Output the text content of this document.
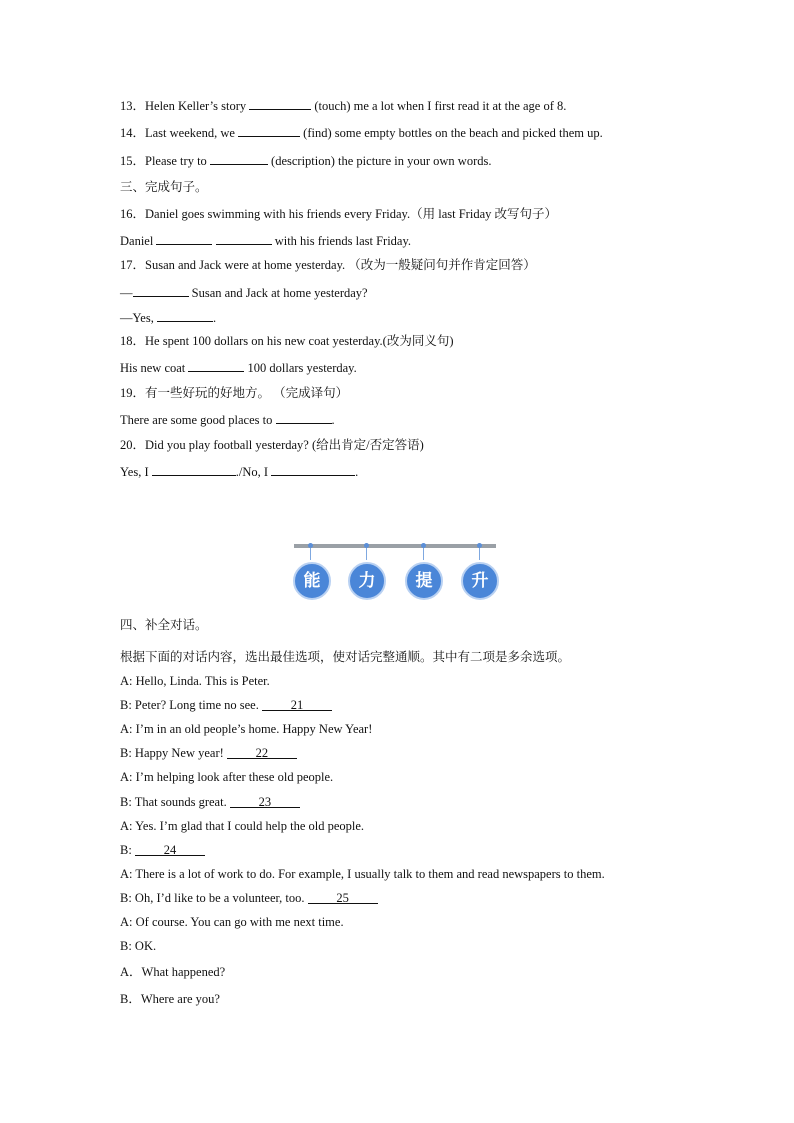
13．Helen Keller’s story	(touch) me a lot when I first read it at the age of 8.
14．Last weekend, we	(find) some empty bottles on the beach and picked them up.
15．Please try to	(description) the picture in your own words.
三、完成句子。
16．Daniel goes swimming with his friends every Friday.（用 last Friday 改写句子）
Daniel	with his friends last Friday.
17．Susan and Jack were at home yesterday. （改为一般疑问句并作肯定回答）
—	Susan and Jack at home yesterday?
—Yes,	.
18．He spent 100 dollars on his new coat yesterday.(改为同义句)
His new coat	100 dollars yesterday.
19．有一些好玩的好地方。 （完成译句）
There are some good places to	.
20．Did you play football yesterday? (给出肯定/否定答语)
Yes, I	./No, I	.
能	力	提	升
四、补全对话。
根据下面的对话内容，选出最佳选项，使对话完整通顺。其中有二项是多余选项。
A: Hello, Linda. This is Peter.
B: Peter? Long time no see. 21
A: I’m in an old people’s home. Happy New Year!
B: Happy New year! 22
A: I’m helping look after these old people.
B: That sounds great. 23
A: Yes. I’m glad that I could help the old people.
B: 24
A: There is a lot of work to do. For example, I usually talk to them and read newspapers to them.
B: Oh, I’d like to be a volunteer, too. 25
A: Of course. You can go with me next time.
B: OK.
A．What happened?
B．Where are you?
